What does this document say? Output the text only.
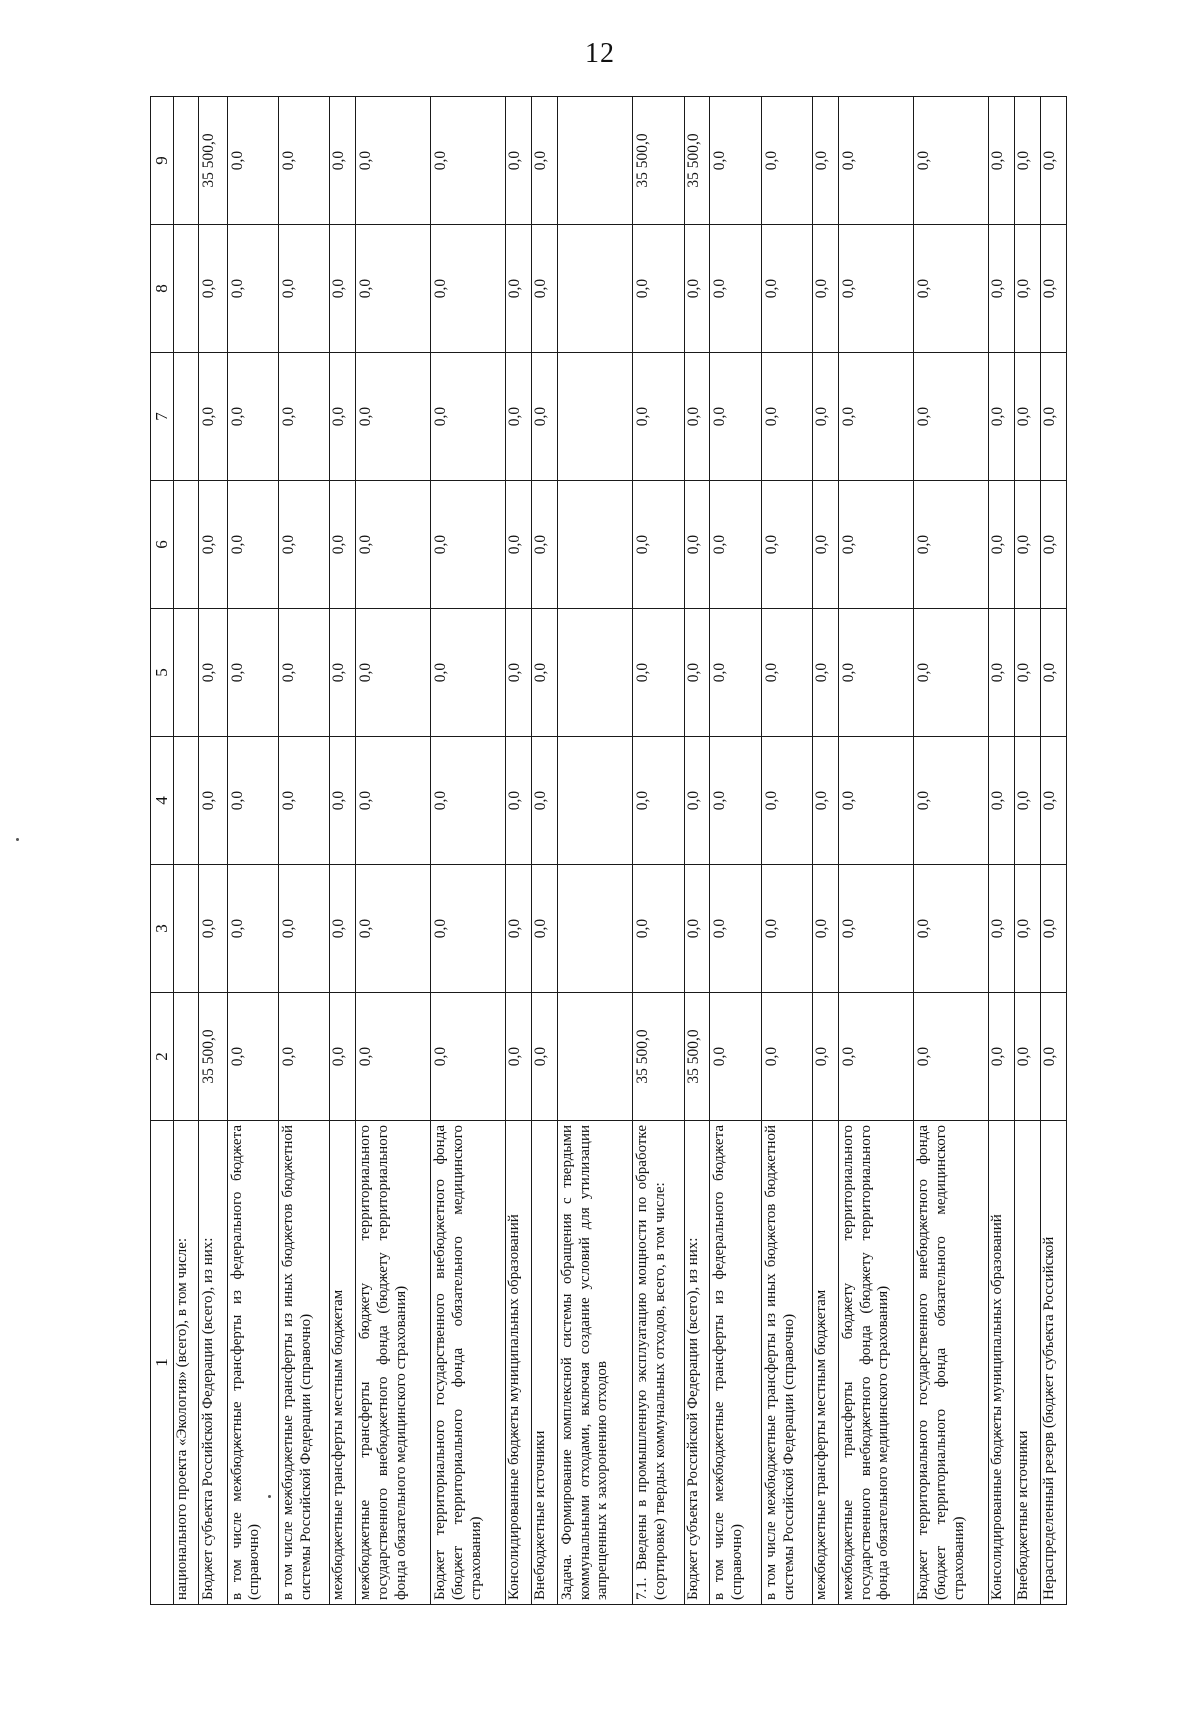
12
1	2	3	4	5	6	7	8	9
национального проекта «Экология» (всего), в том числе:								
Бюджет субъекта Российской Федерации (всего), из них:	35 500,0	0,0	0,0	0,0	0,0	0,0	0,0	35 500,0
в том числе межбюджетные трансферты из федерального бюджета (справочно)	0,0	0,0	0,0	0,0	0,0	0,0	0,0	0,0
в том числе межбюджетные трансферты из иных бюджетов бюджетной системы Российской Федерации (справочно)	0,0	0,0	0,0	0,0	0,0	0,0	0,0	0,0
межбюджетные трансферты местным бюджетам	0,0	0,0	0,0	0,0	0,0	0,0	0,0	0,0
межбюджетные трансферты бюджету территориального государственного внебюджетного фонда (бюджету территориального фонда обязательного медицинского страхования)	0,0	0,0	0,0	0,0	0,0	0,0	0,0	0,0
Бюджет территориального государственного внебюджетного фонда (бюджет территориального фонда обязательного медицинского страхования)	0,0	0,0	0,0	0,0	0,0	0,0	0,0	0,0
Консолидированные бюджеты муниципальных образований	0,0	0,0	0,0	0,0	0,0	0,0	0,0	0,0
Внебюджетные источники	0,0	0,0	0,0	0,0	0,0	0,0	0,0	0,0
Задача. Формирование комплексной системы обращения с твердыми коммунальными отходами, включая создание условий для утилизации запрещенных к захоронению отходов								
7.1. Введены в промышленную эксплуатацию мощности по обработке (сортировке) твердых коммунальных отходов, всего, в том числе:	35 500,0	0,0	0,0	0,0	0,0	0,0	0,0	35 500,0
Бюджет субъекта Российской Федерации (всего), из них:	35 500,0	0,0	0,0	0,0	0,0	0,0	0,0	35 500,0
в том числе межбюджетные трансферты из федерального бюджета (справочно)	0,0	0,0	0,0	0,0	0,0	0,0	0,0	0,0
в том числе межбюджетные трансферты из иных бюджетов бюджетной системы Российской Федерации (справочно)	0,0	0,0	0,0	0,0	0,0	0,0	0,0	0,0
межбюджетные трансферты местным бюджетам	0,0	0,0	0,0	0,0	0,0	0,0	0,0	0,0
межбюджетные трансферты бюджету территориального государственного внебюджетного фонда (бюджету территориального фонда обязательного медицинского страхования)	0,0	0,0	0,0	0,0	0,0	0,0	0,0	0,0
Бюджет территориального государственного внебюджетного фонда (бюджет территориального фонда обязательного медицинского страхования)	0,0	0,0	0,0	0,0	0,0	0,0	0,0	0,0
Консолидированные бюджеты муниципальных образований	0,0	0,0	0,0	0,0	0,0	0,0	0,0	0,0
Внебюджетные источники	0,0	0,0	0,0	0,0	0,0	0,0	0,0	0,0
Нераспределенный резерв (бюджет субъекта Российской	0,0	0,0	0,0	0,0	0,0	0,0	0,0	0,0
